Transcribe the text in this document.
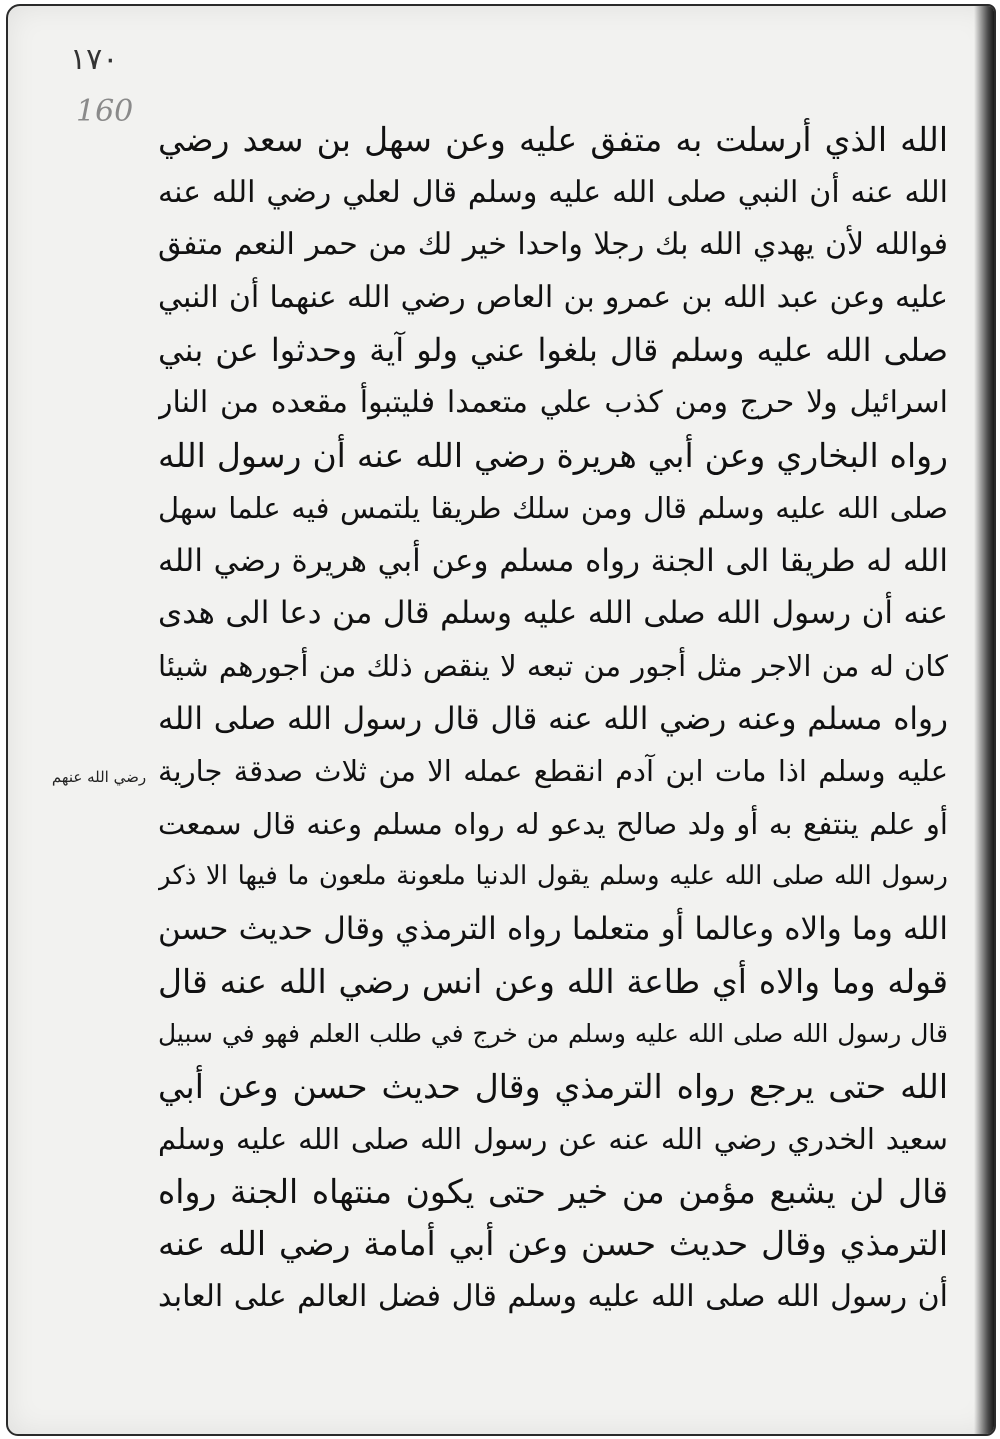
١٧٠
160
رضي الله عنهم
الله الذي أرسلت به متفق عليه وعن سهل بن سعد رضي
الله عنه أن النبي صلى الله عليه وسلم قال لعلي رضي الله عنه
فوالله لأن يهدي الله بك رجلا واحدا خير لك من حمر النعم متفق
عليه وعن عبد الله بن عمرو بن العاص رضي الله عنهما أن النبي
صلى الله عليه وسلم قال بلغوا عني ولو آية وحدثوا عن بني
اسرائيل ولا حرج ومن كذب علي متعمدا فليتبوأ مقعده من النار
رواه البخاري وعن أبي هريرة رضي الله عنه أن رسول الله
صلى الله عليه وسلم قال ومن سلك طريقا يلتمس فيه علما سهل
الله له طريقا الى الجنة رواه مسلم وعن أبي هريرة رضي الله
عنه أن رسول الله صلى الله عليه وسلم قال من دعا الى هدى
كان له من الاجر مثل أجور من تبعه لا ينقص ذلك من أجورهم شيئا
رواه مسلم وعنه رضي الله عنه قال قال رسول الله صلى الله
عليه وسلم اذا مات ابن آدم انقطع عمله الا من ثلاث صدقة جارية
أو علم ينتفع به أو ولد صالح يدعو له رواه مسلم وعنه قال سمعت
رسول الله صلى الله عليه وسلم يقول الدنيا ملعونة ملعون ما فيها الا ذكر
الله وما والاه وعالما أو متعلما رواه الترمذي وقال حديث حسن
قوله وما والاه أي طاعة الله وعن انس رضي الله عنه قال
قال رسول الله صلى الله عليه وسلم من خرج في طلب العلم فهو في سبيل
الله حتى يرجع رواه الترمذي وقال حديث حسن وعن أبي
سعيد الخدري رضي الله عنه عن رسول الله صلى الله عليه وسلم
قال لن يشبع مؤمن من خير حتى يكون منتهاه الجنة رواه
الترمذي وقال حديث حسن وعن أبي أمامة رضي الله عنه
أن رسول الله صلى الله عليه وسلم قال فضل العالم على العابد
